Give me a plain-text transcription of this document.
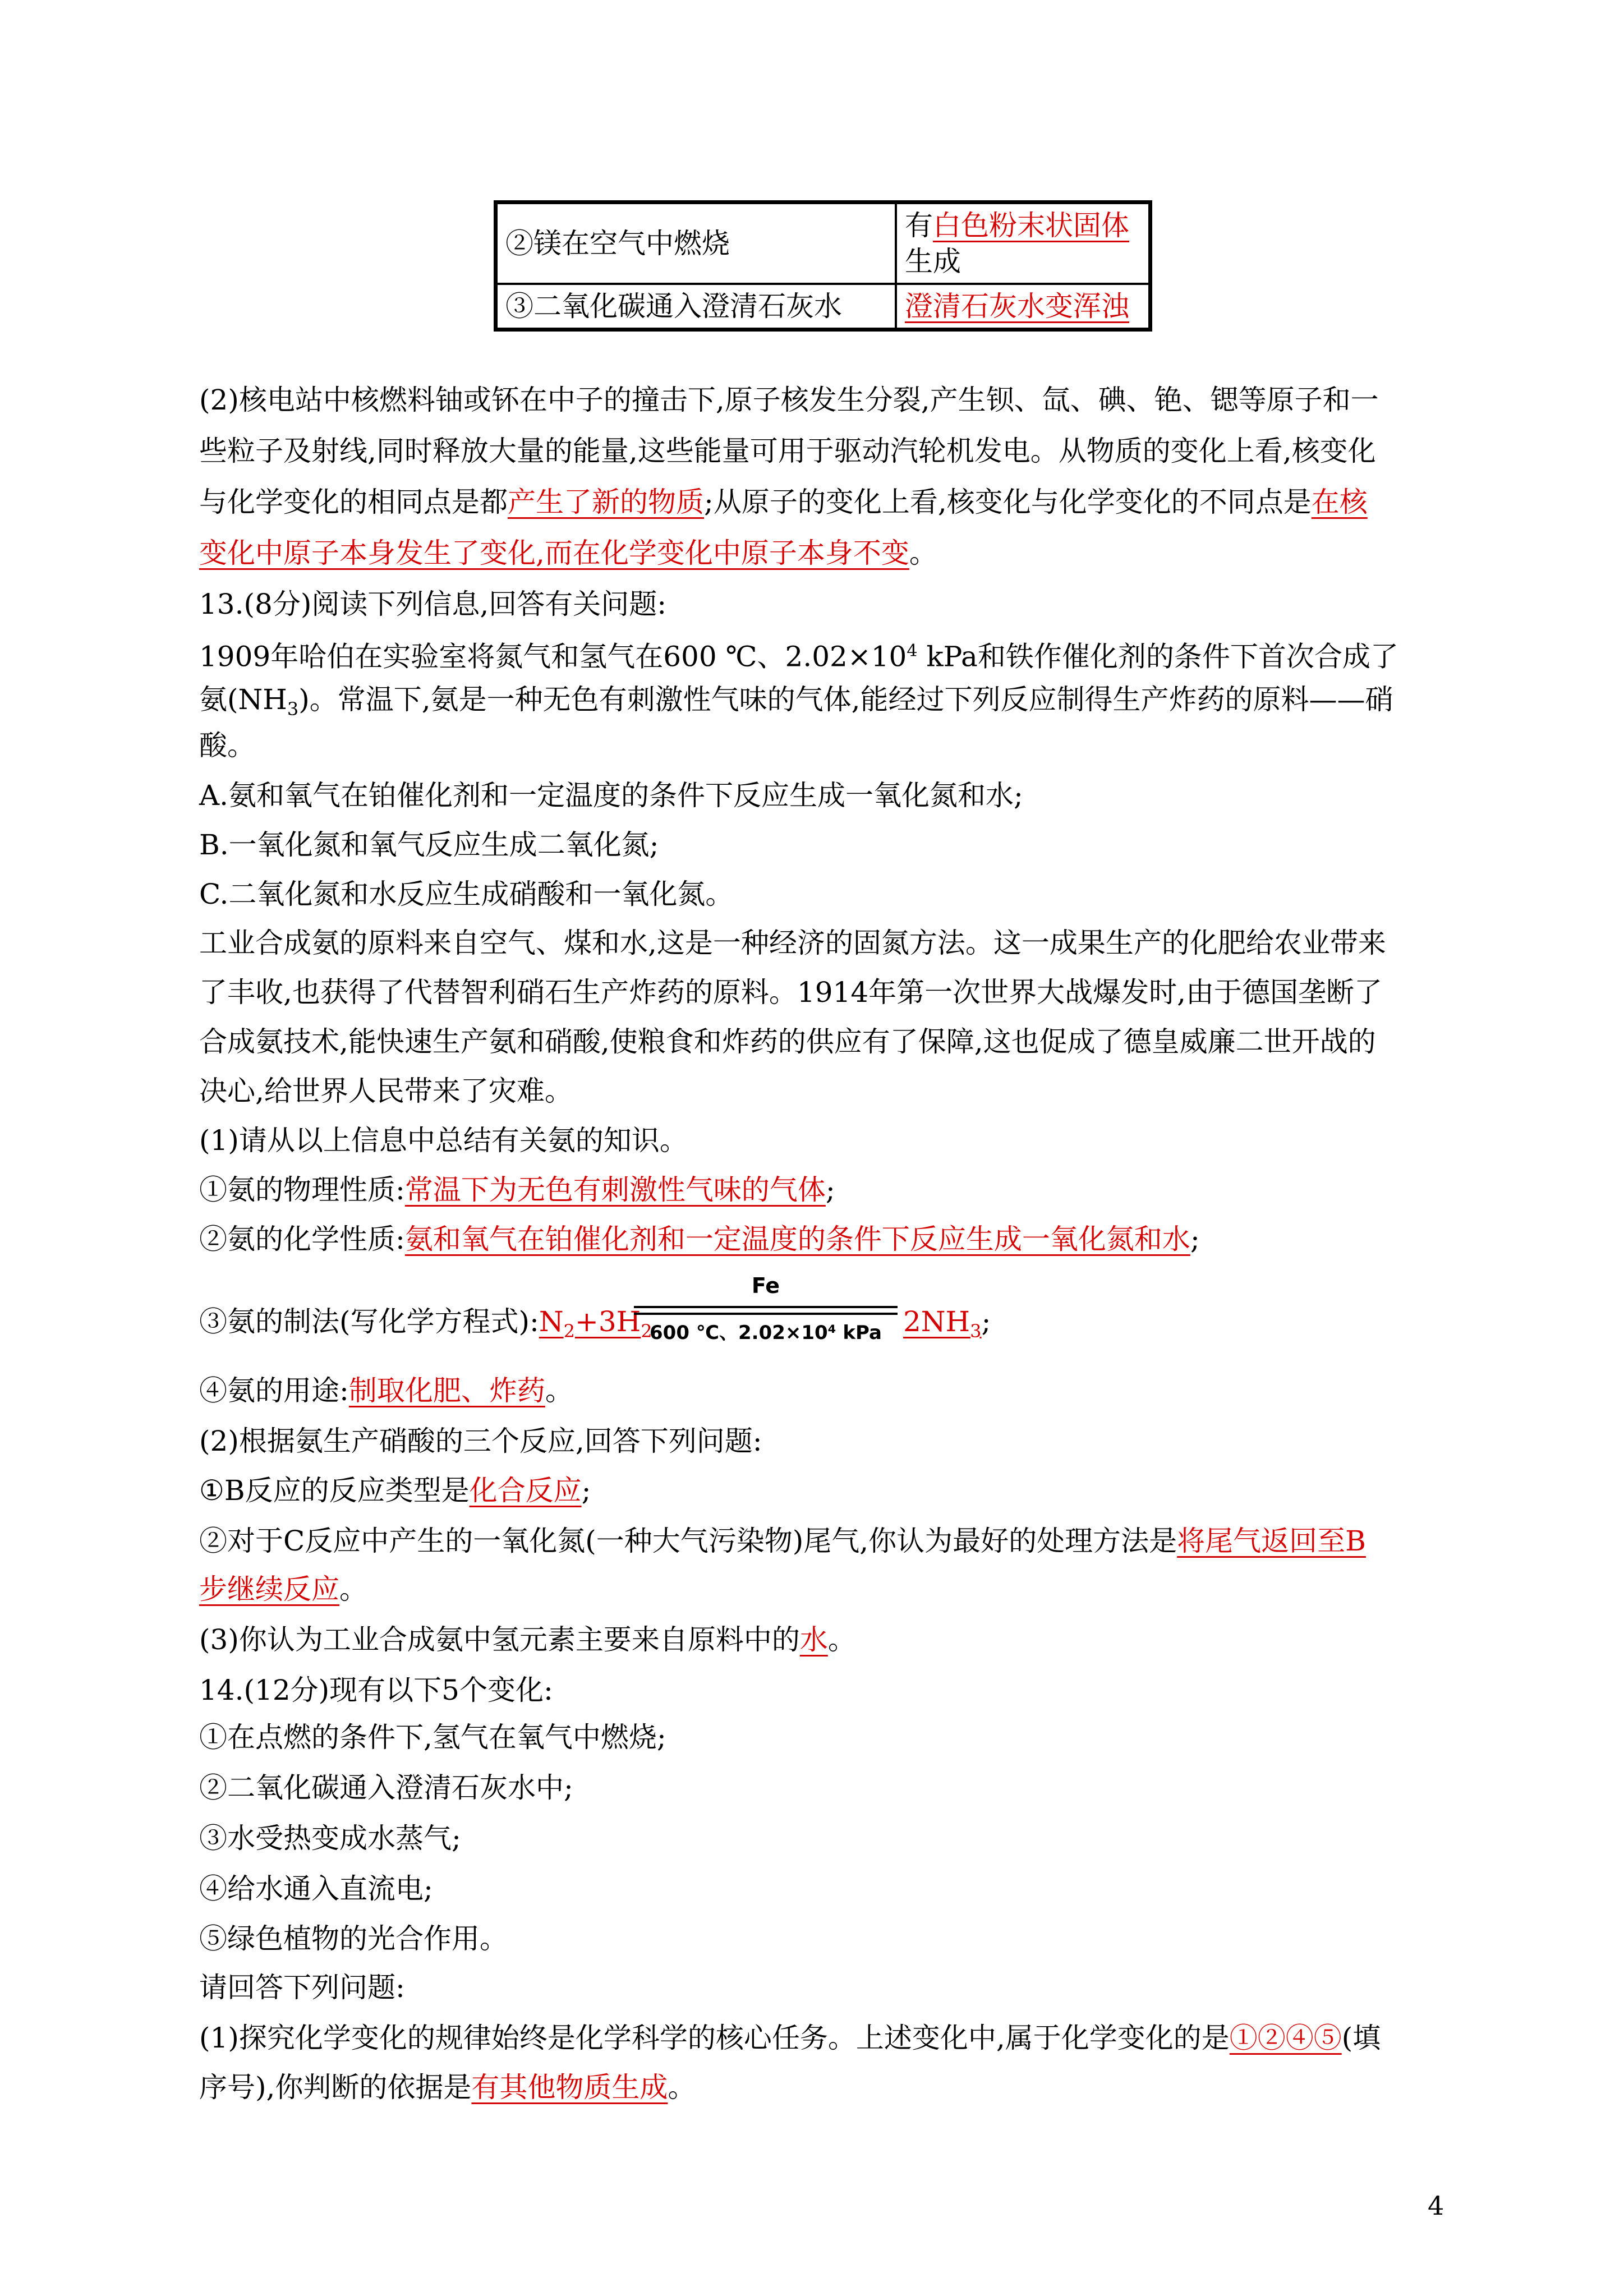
②镁在空气中燃烧	有白色粉末状固体
生成
③二氧化碳通入澄清石灰水	澄清石灰水变浑浊
(2)核电站中核燃料铀或钚在中子的撞击下,原子核发生分裂,产生钡、氙、碘、铯、锶等原子和一
些粒子及射线,同时释放大量的能量,这些能量可用于驱动汽轮机发电。从物质的变化上看,核变化
与化学变化的相同点是都产生了新的物质;从原子的变化上看,核变化与化学变化的不同点是在核
变化中原子本身发生了变化,而在化学变化中原子本身不变。
13.(8分)阅读下列信息,回答有关问题:
1909年哈伯在实验室将氮气和氢气在600 ℃、$2.02\times 10^4$ kPa和铁作催化剂的条件下首次合成了
氨$(NH_3)$。常温下,氨是一种无色有刺激性气味的气体,能经过下列反应制得生产炸药的原料——硝
酸。
A.氨和氧气在铂催化剂和一定温度的条件下反应生成一氧化氮和水;
B.一氧化氮和氧气反应生成二氧化氮;
C.二氧化氮和水反应生成硝酸和一氧化氮。
工业合成氨的原料来自空气、煤和水,这是一种经济的固氮方法。这一成果生产的化肥给农业带来
了丰收,也获得了代替智利硝石生产炸药的原料。1914年第一次世界大战爆发时,由于德国垄断了
合成氨技术,能快速生产氨和硝酸,使粮食和炸药的供应有了保障,这也促成了德皇威廉二世开战的
决心,给世界人民带来了灾难。
(1)请从以上信息中总结有关氨的知识。
①氨的物理性质:常温下为无色有刺激性气味的气体;
②氨的化学性质:氨和氧气在铂催化剂和一定温度的条件下反应生成一氧化氮和水;
③氨的制法(写化学方程式)$:N_2+3H_2$
Fe
600 ℃、2.02×10⁴ kPa $2NH_3$;
④氨的用途:制取化肥、炸药。
(2)根据氨生产硝酸的三个反应,回答下列问题:
①B反应的反应类型是化合反应;
②对于C反应中产生的一氧化氮(一种大气污染物)尾气,你认为最好的处理方法是将尾气返回至B
步继续反应。
(3)你认为工业合成氨中氢元素主要来自原料中的水。
14.(12分)现有以下5个变化:
①在点燃的条件下,氢气在氧气中燃烧;
②二氧化碳通入澄清石灰水中;
③水受热变成水蒸气;
④给水通入直流电;
⑤绿色植物的光合作用。
请回答下列问题:
(1)探究化学变化的规律始终是化学科学的核心任务。上述变化中,属于化学变化的是①②④⑤(填
序号),你判断的依据是有其他物质生成。
4
